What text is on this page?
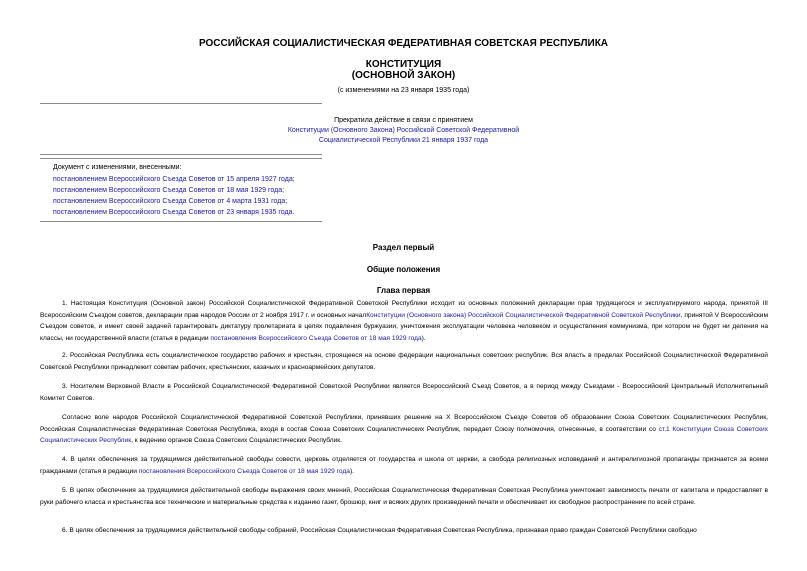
РОССИЙСКАЯ СОЦИАЛИСТИЧЕСКАЯ ФЕДЕРАТИВНАЯ СОВЕТСКАЯ РЕСПУБЛИКА
КОНСТИТУЦИЯ
(ОСНОВНОЙ ЗАКОН)
(с изменениями на 23 января 1935 года)
Прекратила действие в связи с принятием
Конституции (Основного Закона) Российской Советской Федеративной
Социалистической Республики 21 января 1937 года
Документ с изменениями, внесенными:
постановлением Всероссийского Съезда Советов от 15 апреля 1927 года;
постановлением Всероссийского Съезда Советов от 18 мая 1929 года;
постановлением Всероссийского Съезда Советов от 4 марта 1931 года;
постановлением Всероссийского Съезда Советов от 23 января 1935 года.
Раздел первый
Общие положения
Глава первая
1. Настоящая Конституция (Основной закон) Российской Социалистической Федеративной Советской Республики исходит из основных положений декларации прав трудящегося и эксплуатируемого народа, принятой III Всероссийским Съездом советов, декларации прав народов России от 2 ноября 1917 г. и основных началКонституции (Основного закона) Российской Социалистической Федеративной Советской Республики, принятой V Всероссийским Съездом советов, и имеет своей задачей гарантировать диктатуру пролетариата в целях подавления буржуазии, уничтожения эксплуатации человека человеком и осуществления коммунизма, при котором не будет ни деления на классы, ни государственной власти (статья в редакции постановления Всероссийского Съезда Советов от 18 мая 1929 года).
2. Российская Республика есть социалистическое государство рабочих и крестьян, строящееся на основе федерации национальных советских республик. Вся власть в пределах Российской Социалистической Федеративной Советской Республики принадлежит советам рабочих, крестьянских, казачьих и красноармейских депутатов.
3. Носителем Верховной Власти в Российской Социалистической Федеративной Советской Республики является Всероссийский Съезд Советов, а в период между Съездами - Всероссийский Центральный Исполнительный Комитет Советов.
Согласно воле народов Российской Социалистической Федеративной Советской Республики, принявших решение на X Всероссийском Съезде Советов об образовании Союза Советских Социалистических Республик, Российская Социалистическая Федеративная Советская Республика, входя в состав Союза Советских Социалистических Республик, передает Союзу полномочия, отнесенные, в соответствии со ст.1 Конституции Союза Советских Социалистических Республик, к ведению органов Союза Советских Социалистических Республик.
4. В целях обеспечения за трудящимися действительной свободы совести, церковь отделяется от государства и школа от церкви, а свобода религиозных исповеданий и антирелигиозной пропаганды признается за всеми гражданами (статья в редакции постановления Всероссийского Съезда Советов от 18 мая 1929 года).
5. В целях обеспечения за трудящимися действительной свободы выражения своих мнений, Российская Социалистическая Федеративная Советская Республика уничтожает зависимость печати от капитала и предоставляет в руки рабочего класса и крестьянства все технические и материальные средства к изданию газет, брошюр, книг и всяких других произведений печати и обеспечивает их свободное распространение по всей стране.
6. В целях обеспечения за трудящимися действительной свободы собраний, Российская Социалистическая Федеративная Советская Республика, признавая право граждан Советской Республики свободно
